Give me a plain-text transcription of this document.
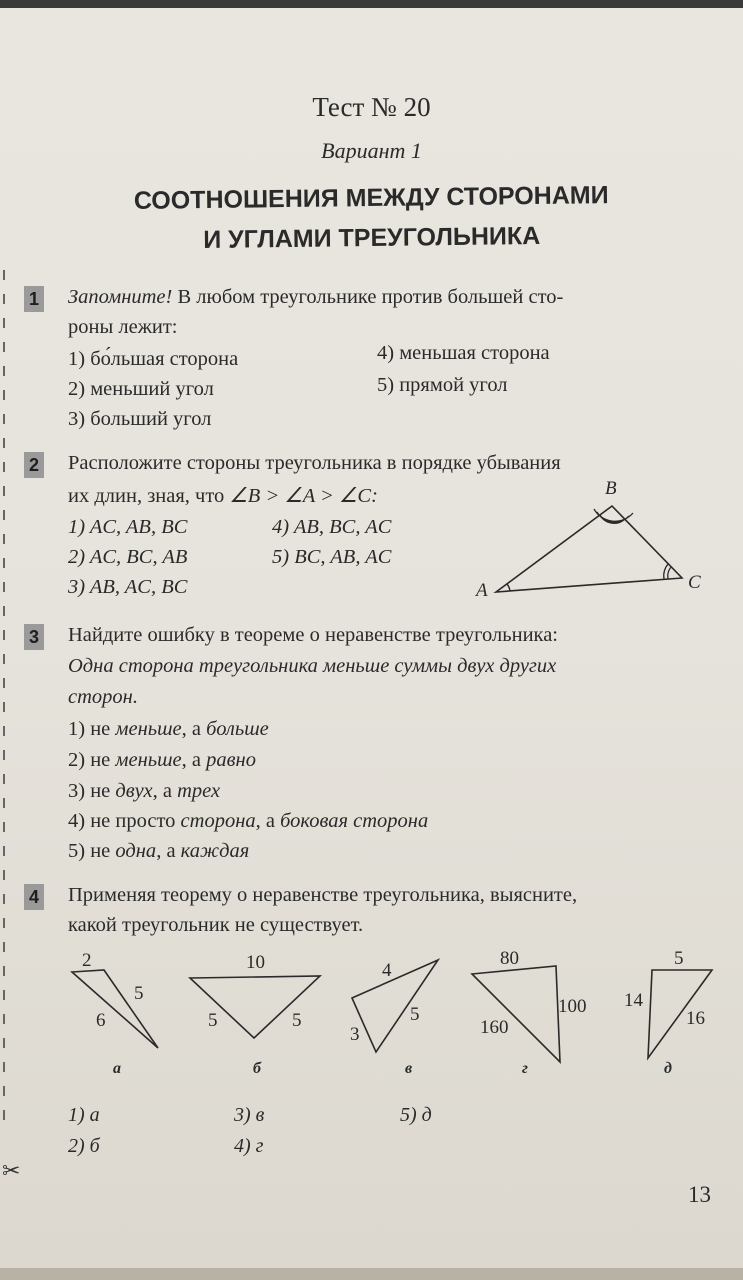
✂
Тест № 20
Вариант 1
СООТНОШЕНИЯ МЕЖДУ СТОРОНАМИ
И УГЛАМИ ТРЕУГОЛЬНИКА
1 Запомните! В любом треугольнике против большей сто-
роны лежит:
1) бо́льшая сторона
2) меньший угол
3) больший угол
4) меньшая сторона
5) прямой угол
2 Расположите стороны треугольника в порядке убывания
их длин, зная, что ∠B > ∠A > ∠C:
1) AC, AB, BC
2) AC, BC, AB
3) AB, AC, BC
4) AB, BC, AC
5) BC, AB, AC
A
B
C
3 Найдите ошибку в теореме о неравенстве треугольника:
Одна сторона треугольника меньше суммы двух других
сторон.
1) не меньше, а больше
2) не меньше, а равно
3) не двух, а трех
4) не просто сторона, а боковая сторона
5) не одна, а каждая
4 Применяя теорему о неравенстве треугольника, выясните,
какой треугольник не существует.
2
5
6
10
5	5
4
5
3
80
100
160
5
14
16
а	б	в	г	д
1) а
2) б
3) в
4) г
5) д
13
